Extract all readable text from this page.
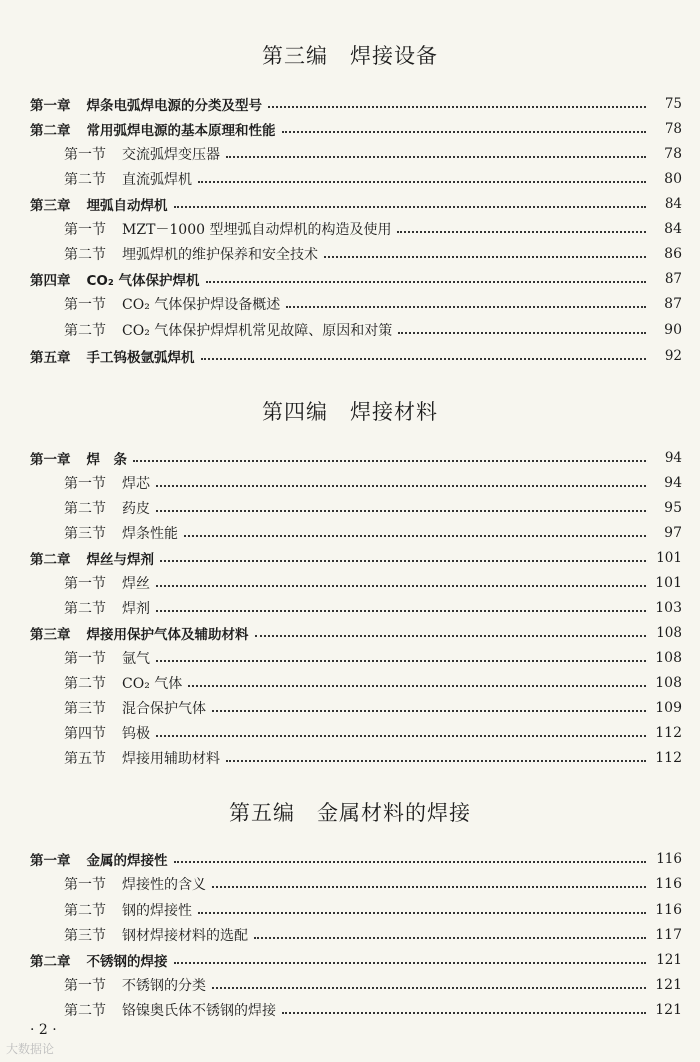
第三编　焊接设备
第一章 焊条电弧焊电源的分类及型号	75
第二章 常用弧焊电源的基本原理和性能	78
第一节 交流弧焊变压器	78
第二节 直流弧焊机	80
第三章 埋弧自动焊机	84
第一节 MZT－1000 型埋弧自动焊机的构造及使用	84
第二节 埋弧焊机的维护保养和安全技术	86
第四章 CO₂ 气体保护焊机	87
第一节 CO₂ 气体保护焊设备概述	87
第二节 CO₂ 气体保护焊焊机常见故障、原因和对策	90
第五章 手工钨极氩弧焊机	92
第四编　焊接材料
第一章 焊　条	94
第一节 焊芯	94
第二节 药皮	95
第三节 焊条性能	97
第二章 焊丝与焊剂	101
第一节 焊丝	101
第二节 焊剂	103
第三章 焊接用保护气体及辅助材料	108
第一节 氩气	108
第二节 CO₂ 气体	108
第三节 混合保护气体	109
第四节 钨极	112
第五节 焊接用辅助材料	112
第五编　金属材料的焊接
第一章 金属的焊接性	116
第一节 焊接性的含义	116
第二节 钢的焊接性	116
第三节 钢材焊接材料的选配	117
第二章 不锈钢的焊接	121
第一节 不锈钢的分类	121
第二节 铬镍奥氏体不锈钢的焊接	121
· 2 ·
大数据论
